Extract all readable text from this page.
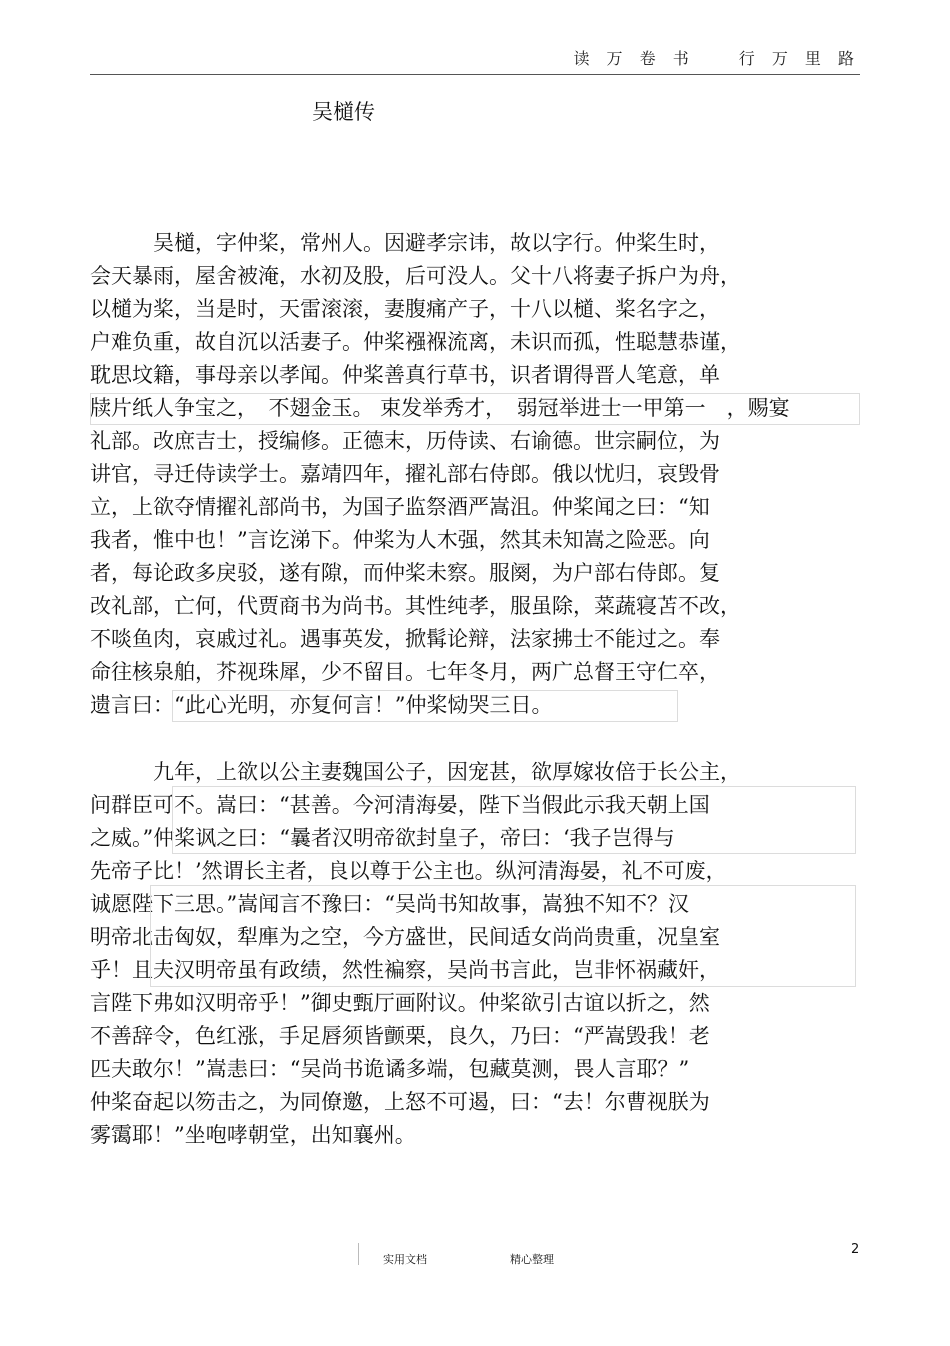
读 万 卷 书　　行 万 里 路
吴檤传

吴檤，字仲桨，常州人。因避孝宗讳，故以字行。仲桨生时，
会天暴雨，屋舍被淹，水初及股，后可没人。父十八将妻子拆户为舟，
以檤为桨，当是时，天雷滚滚，妻腹痛产子，十八以檤、桨名字之，
户难负重，故自沉以活妻子。仲桨襁褓流离，未识而孤，性聪慧恭谨，
耽思坟籍，事母亲以孝闻。仲桨善真行草书，识者谓得晋人笔意，单
牍片纸人争宝之，　不翅金玉。 束发举秀才，　弱冠举进士一甲第一　，赐宴
礼部。改庶吉士，授编修。正德末，历侍读、右谕德。世宗嗣位，为
讲官，寻迁侍读学士。嘉靖四年，擢礼部右侍郎。俄以忧归，哀毁骨
立，上欲夺情擢礼部尚书，为国子监祭酒严嵩沮。仲桨闻之曰：“知
我者，惟中也！”言讫涕下。仲桨为人木强，然其未知嵩之险恶。向
者，每论政多戾驳，遂有隙，而仲桨未察。服阕，为户部右侍郎。复
改礼部，亡何，代贾商书为尚书。其性纯孝，服虽除，菜蔬寝苫不改，
不啖鱼肉，哀戚过礼。遇事英发，掀髯论辩，法家拂士不能过之。奉
命往核泉舶，芥视珠犀，少不留目。七年冬月，两广总督王守仁卒，
遗言曰：“此心光明，亦复何言！”仲桨恸哭三日。

九年，上欲以公主妻魏国公子，因宠甚，欲厚嫁妆倍于长公主，
问群臣可不。嵩曰：“甚善。今河清海晏，陛下当假此示我天朝上国
之威。”仲桨讽之曰：“曩者汉明帝欲封皇子，帝曰：‘我子岂得与
先帝子比！’然谓长主者，良以尊于公主也。纵河清海晏，礼不可废，
诚愿陛下三思。”嵩闻言不豫曰：“吴尚书知故事，嵩独不知不？汉
明帝北击匈奴，犁㢑为之空，今方盛世，民间适女尚尚贵重，况皇室
乎！且夫汉明帝虽有政绩，然性褊察，吴尚书言此，岂非怀祸藏奸，
言陛下弗如汉明帝乎！”御史甄厅画附议。仲桨欲引古谊以折之，然
不善辞令，色红涨，手足唇须皆颤栗，良久，乃曰：“严嵩毁我！老
匹夫敢尔！”嵩恚曰：“吴尚书诡谲多端，包藏莫测，畏人言耶？”
仲桨奋起以笏击之，为同僚邀，上怒不可遏，曰：“去！尔曹视朕为
雾霭耶！”坐咆哮朝堂，出知襄州。

实用文档	精心整理
2
